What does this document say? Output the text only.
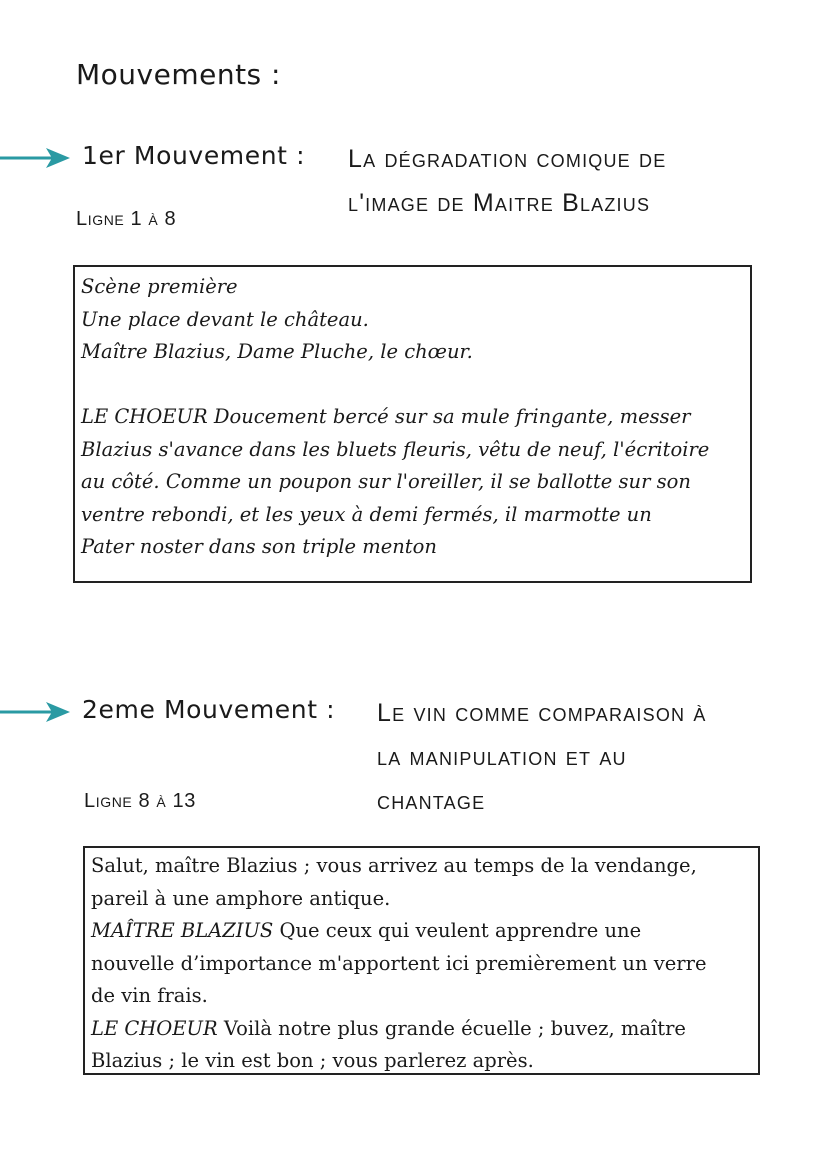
Mouvements :
1er Mouvement : La dégradation comique de
l'image de Maitre Blazius
Ligne 1 à 8

Scène première

Une place devant le château.

Maître Blazius, Dame Pluche, le chœur.

LE CHOEUR Doucement bercé sur sa mule fringante, messer

Blazius s'avance dans les bluets fleuris, vêtu de neuf, l'écritoire

au côté. Comme un poupon sur l'oreiller, il se ballotte sur son

ventre rebondi, et les yeux à demi fermés, il marmotte un

Pater noster dans son triple menton

2eme Mouvement : Le vin comme comparaison à
la manipulation et au
chantage
Ligne 8 à 13

Salut, maître Blazius ; vous arrivez au temps de la vendange,

pareil à une amphore antique.

MAÎTRE BLAZIUS Que ceux qui veulent apprendre une

nouvelle d’importance m'apportent ici premièrement un verre

de vin frais.

LE CHOEUR Voilà notre plus grande écuelle ; buvez, maître

Blazius ; le vin est bon ; vous parlerez après.
